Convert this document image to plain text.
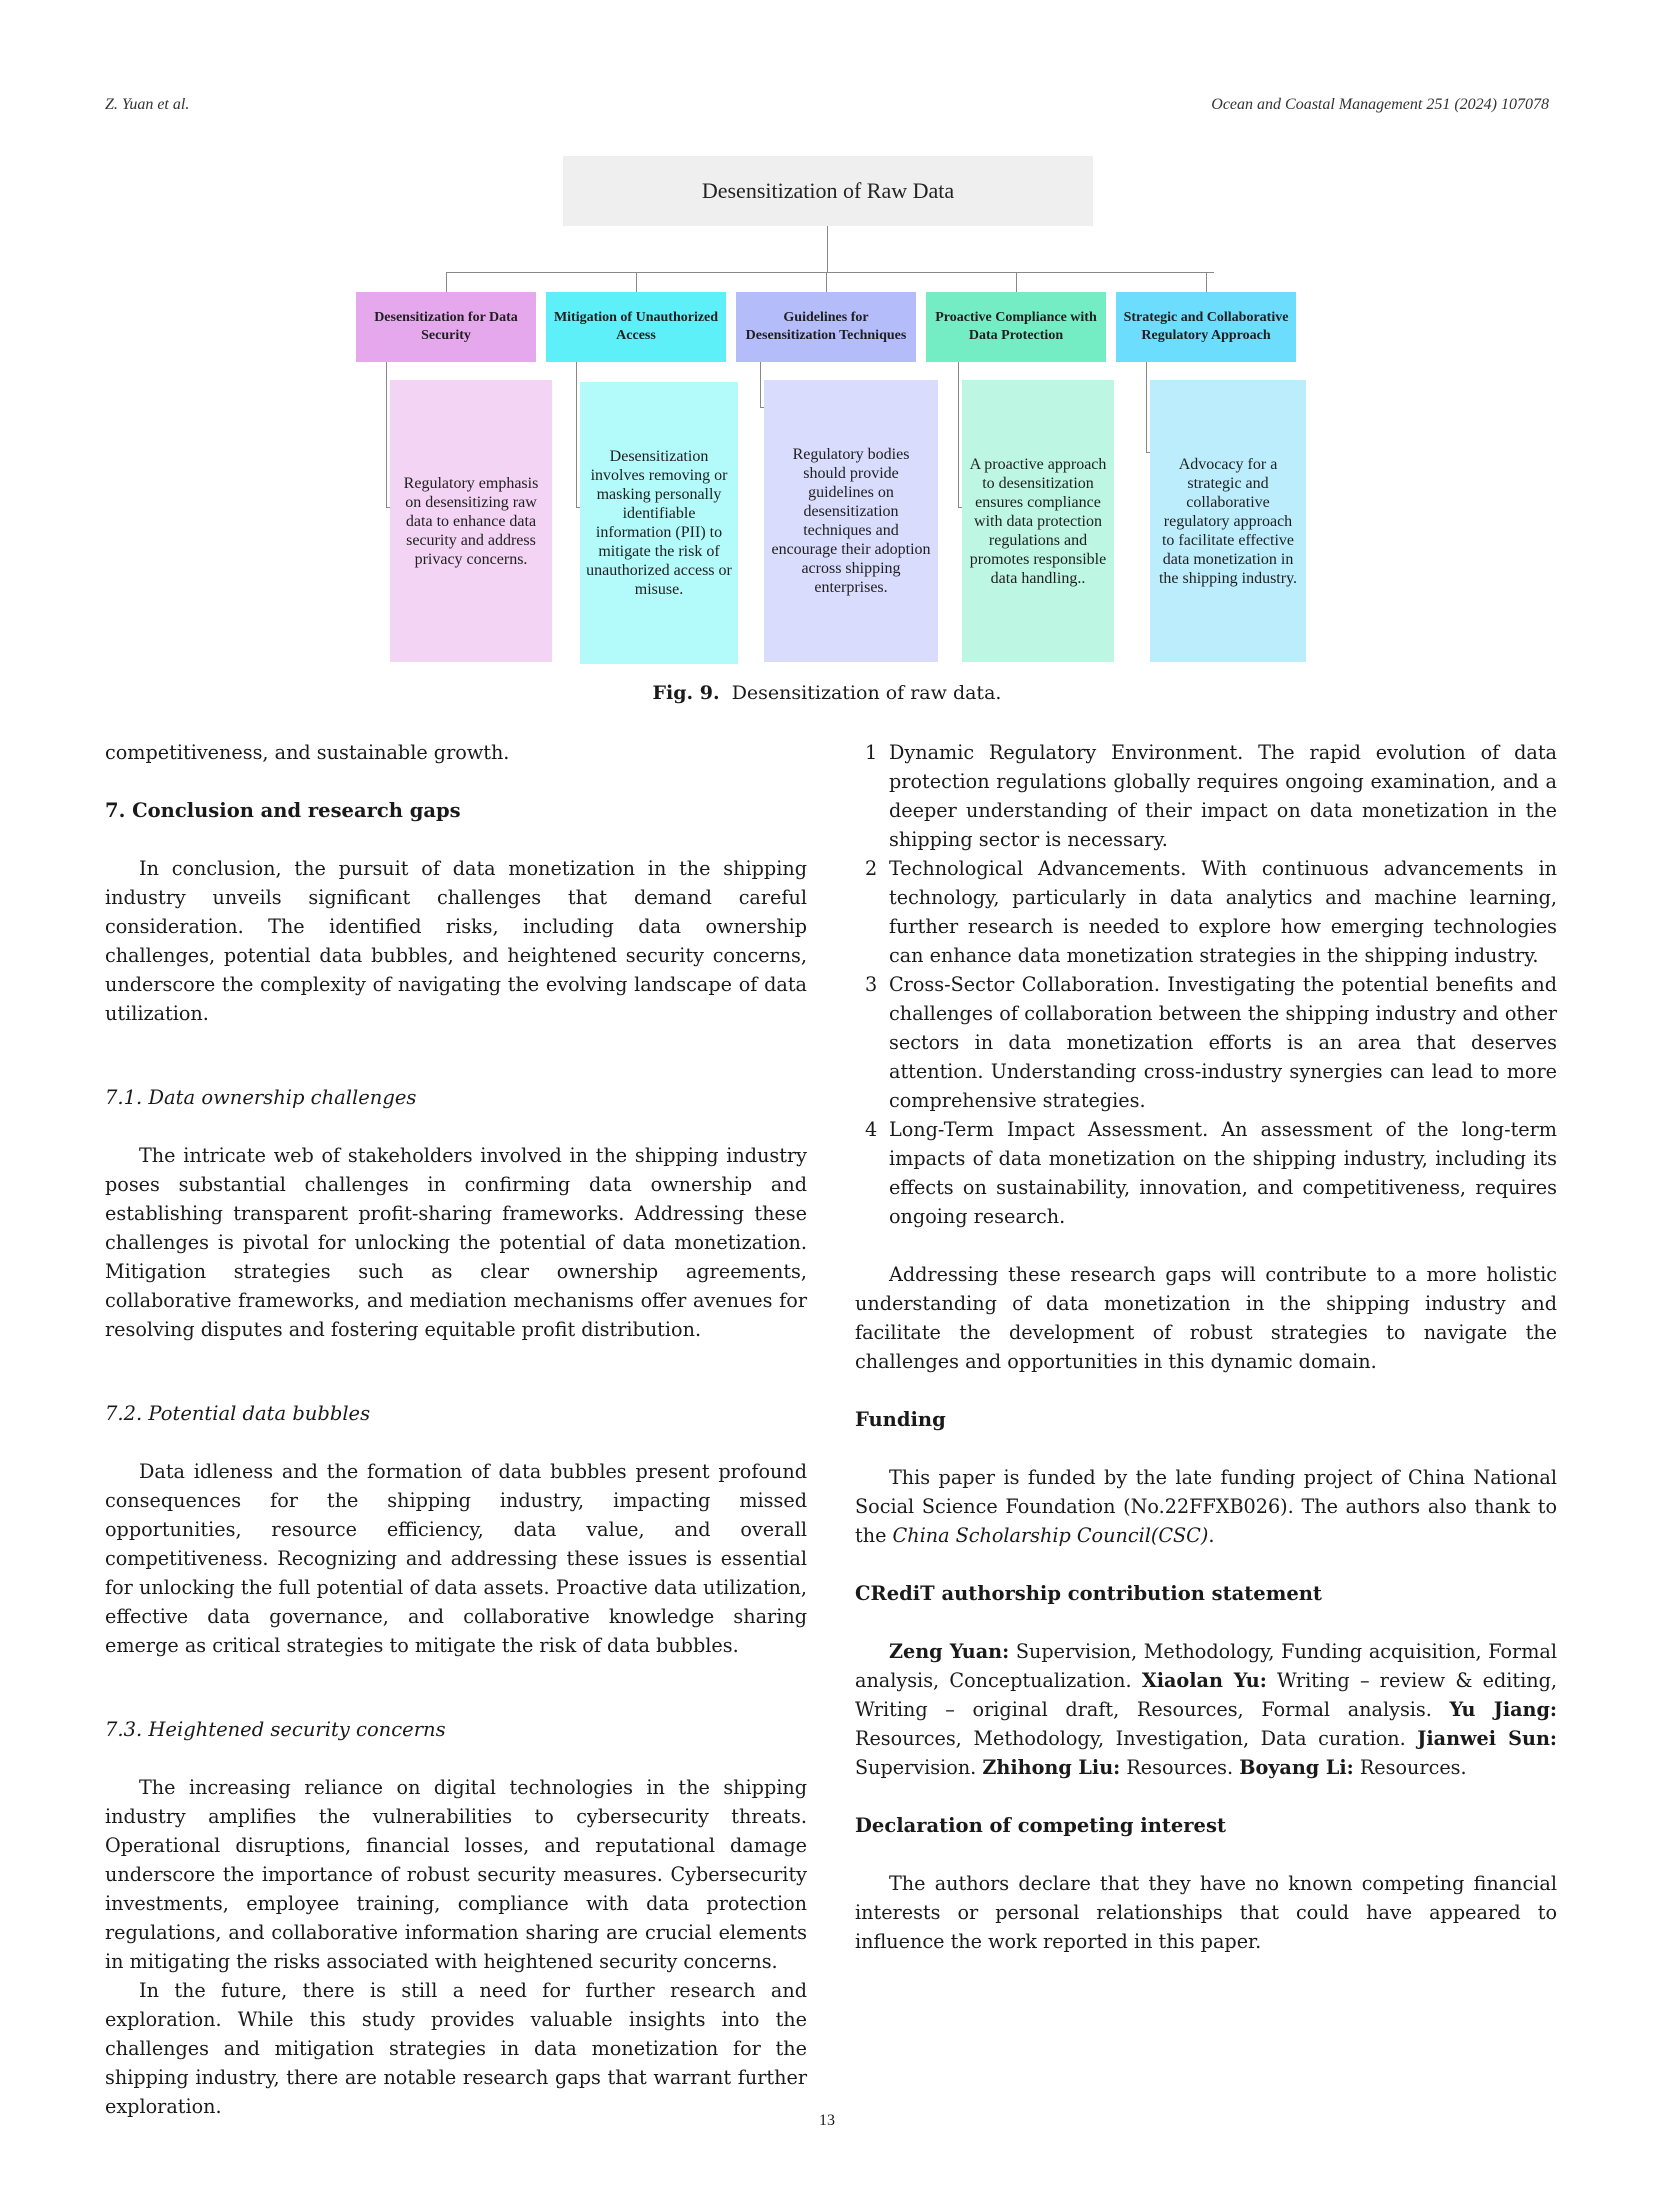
Z. Yuan et al.	Ocean and Coastal Management 251 (2024) 107078
Desensitization of Raw Data
Desensitization for Data Security
Mitigation of Unauthorized Access
Guidelines for Desensitization Techniques
Proactive Compliance with Data Protection
Strategic and Collaborative Regulatory Approach
Regulatory emphasis on desensitizing raw data to enhance data security and address privacy concerns.
Desensitization involves removing or masking personally identifiable information (PII) to mitigate the risk of unauthorized access or misuse.
Regulatory bodies should provide guidelines on desensitization techniques and encourage their adoption across shipping enterprises.
A proactive approach to desensitization ensures compliance with data protection regulations and promotes responsible data handling..
Advocacy for a strategic and collaborative regulatory approach to facilitate effective data monetization in the shipping industry.
Fig. 9. Desensitization of raw data.

competitiveness, and sustainable growth.

7. Conclusion and research gaps

In conclusion, the pursuit of data monetization in the shipping industry unveils significant challenges that demand careful consideration. The identified risks, including data ownership challenges, potential data bubbles, and heightened security concerns, underscore the complexity of navigating the evolving landscape of data utilization.

7.1. Data ownership challenges

The intricate web of stakeholders involved in the shipping industry poses substantial challenges in confirming data ownership and establishing transparent profit-sharing frameworks. Addressing these challenges is pivotal for unlocking the potential of data monetization. Mitigation strategies such as clear ownership agreements, collaborative frameworks, and mediation mechanisms offer avenues for resolving disputes and fostering equitable profit distribution.

7.2. Potential data bubbles

Data idleness and the formation of data bubbles present profound consequences for the shipping industry, impacting missed opportunities, resource efficiency, data value, and overall competitiveness. Recognizing and addressing these issues is essential for unlocking the full potential of data assets. Proactive data utilization, effective data governance, and collaborative knowledge sharing emerge as critical strategies to mitigate the risk of data bubbles.

7.3. Heightened security concerns

The increasing reliance on digital technologies in the shipping industry amplifies the vulnerabilities to cybersecurity threats. Operational disruptions, financial losses, and reputational damage underscore the importance of robust security measures. Cybersecurity investments, employee training, compliance with data protection regulations, and collaborative information sharing are crucial elements in mitigating the risks associated with heightened security concerns.

In the future, there is still a need for further research and exploration. While this study provides valuable insights into the challenges and mitigation strategies in data monetization for the shipping industry, there are notable research gaps that warrant further exploration.

1 Dynamic Regulatory Environment. The rapid evolution of data protection regulations globally requires ongoing examination, and a deeper understanding of their impact on data monetization in the shipping sector is necessary.
2 Technological Advancements. With continuous advancements in technology, particularly in data analytics and machine learning, further research is needed to explore how emerging technologies can enhance data monetization strategies in the shipping industry.
3 Cross-Sector Collaboration. Investigating the potential benefits and challenges of collaboration between the shipping industry and other sectors in data monetization efforts is an area that deserves attention. Understanding cross-industry synergies can lead to more comprehensive strategies.
4 Long-Term Impact Assessment. An assessment of the long-term impacts of data monetization on the shipping industry, including its effects on sustainability, innovation, and competitiveness, requires ongoing research.

Addressing these research gaps will contribute to a more holistic understanding of data monetization in the shipping industry and facilitate the development of robust strategies to navigate the challenges and opportunities in this dynamic domain.

Funding

This paper is funded by the late funding project of China National Social Science Foundation (No.22FFXB026). The authors also thank to the China Scholarship Council(CSC).

CRediT authorship contribution statement

Zeng Yuan: Supervision, Methodology, Funding acquisition, Formal analysis, Conceptualization. Xiaolan Yu: Writing – review & editing, Writing – original draft, Resources, Formal analysis. Yu Jiang: Resources, Methodology, Investigation, Data curation. Jianwei Sun: Supervision. Zhihong Liu: Resources. Boyang Li: Resources.

Declaration of competing interest

The authors declare that they have no known competing financial interests or personal relationships that could have appeared to influence the work reported in this paper.

13
